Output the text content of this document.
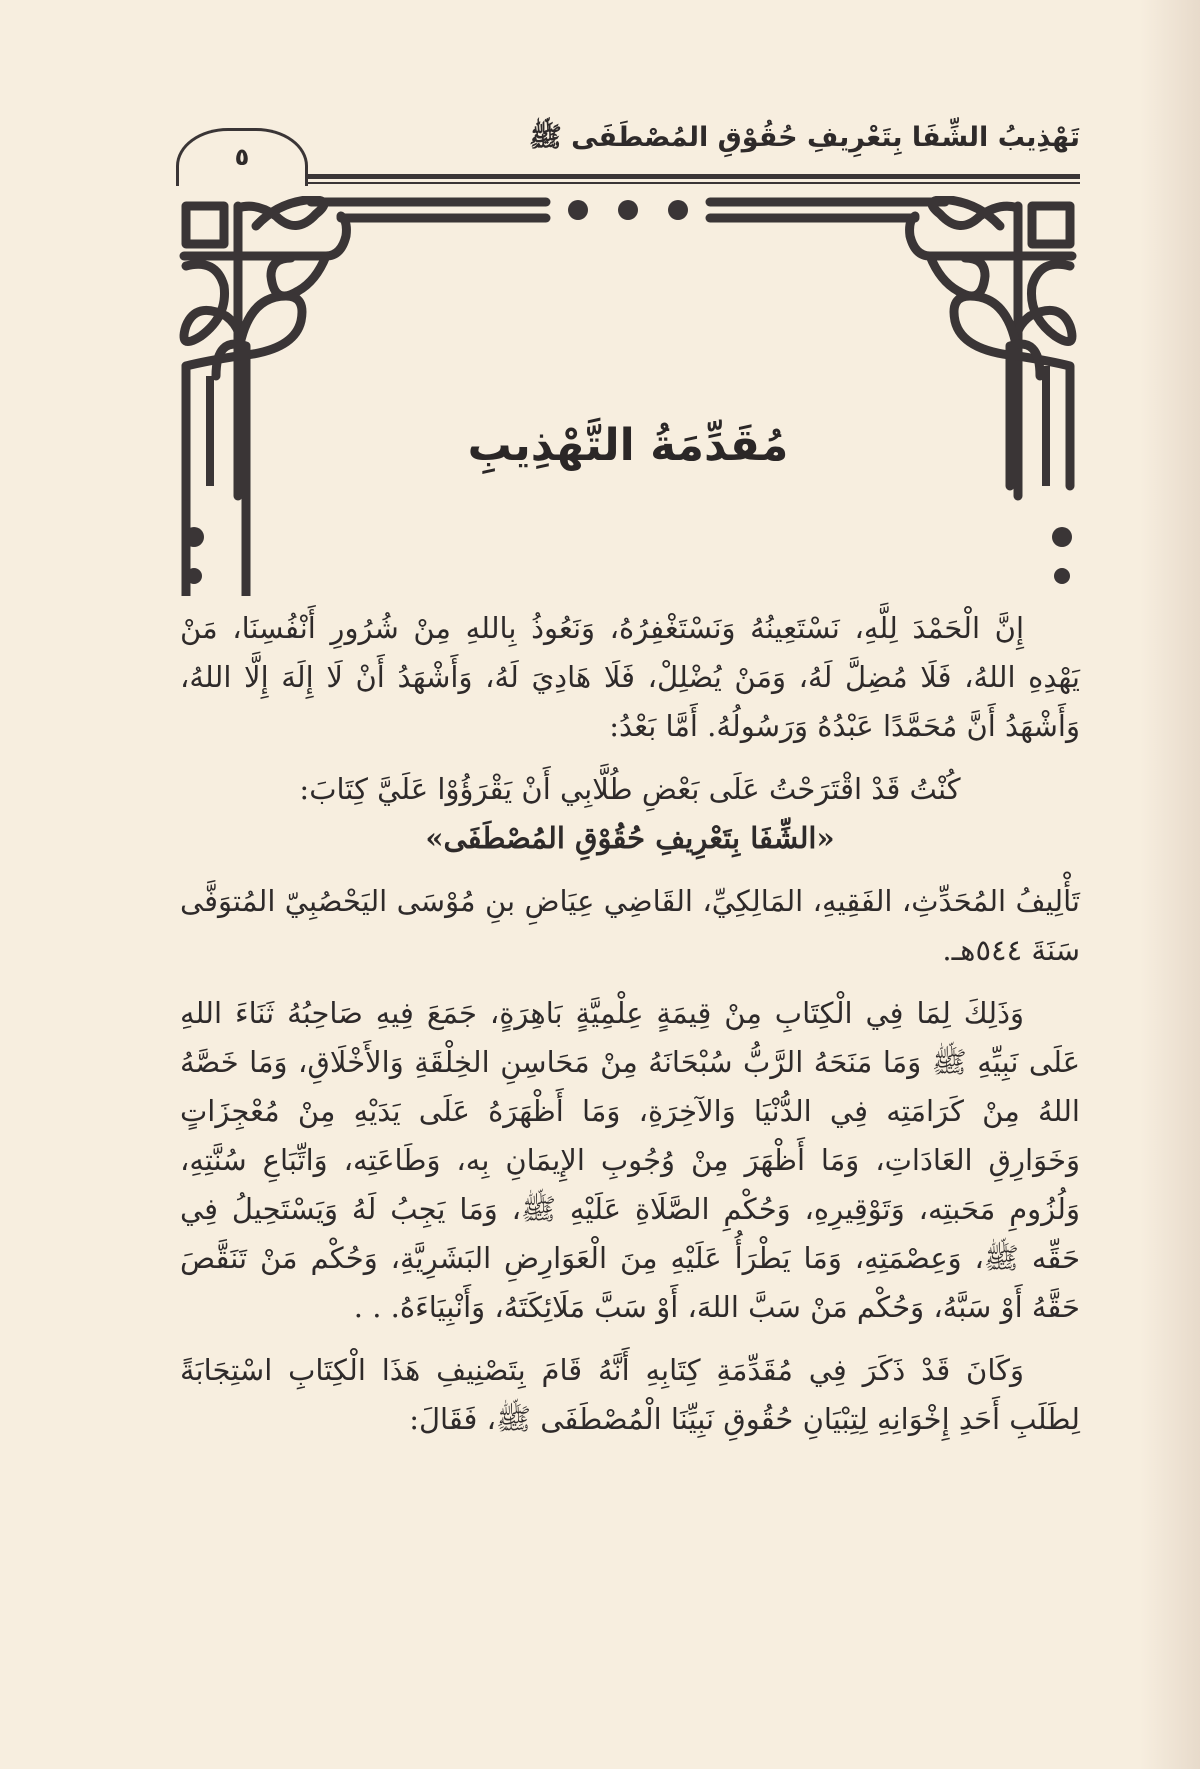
٥
تَهْذِيبُ الشِّفَا بِتَعْرِيفِ حُقُوْقِ المُصْطَفَى ﷺ
مُقَدِّمَةُ التَّهْذِيبِ

إِنَّ الْحَمْدَ لِلَّهِ، نَسْتَعِينُهُ وَنَسْتَغْفِرُهُ، وَنَعُوذُ بِاللهِ مِنْ شُرُورِ أَنْفُسِنَا، مَنْ يَهْدِهِ اللهُ، فَلَا مُضِلَّ لَهُ، وَمَنْ يُضْلِلْ، فَلَا هَادِيَ لَهُ، وَأَشْهَدُ أَنْ لَا إِلَهَ إِلَّا اللهُ، وَأَشْهَدُ أَنَّ مُحَمَّدًا عَبْدُهُ وَرَسُولُهُ. أَمَّا بَعْدُ:

كُنْتُ قَدْ اقْتَرَحْتُ عَلَى بَعْضِ طُلَّابِي أَنْ يَقْرَؤُوْا عَلَيَّ كِتَابَ:

«الشِّفَا بِتَعْرِيفِ حُقُوْقِ المُصْطَفَى»

تَأْلِيفُ المُحَدِّثِ، الفَقِيهِ، المَالِكِيِّ، القَاضِي عِيَاضِ بنِ مُوْسَى اليَحْصُبِيّ المُتوَفَّى سَنَةَ ٥٤٤هـ.

وَذَلِكَ لِمَا فِي الْكِتَابِ مِنْ قِيمَةٍ عِلْمِيَّةٍ بَاهِرَةٍ، جَمَعَ فِيهِ صَاحِبُهُ ثَنَاءَ اللهِ عَلَى نَبِيِّهِ ﷺ وَمَا مَنَحَهُ الرَّبُّ سُبْحَانَهُ مِنْ مَحَاسِنِ الخِلْقَةِ وَالأَخْلَاقِ، وَمَا خَصَّهُ اللهُ مِنْ كَرَامَتِه فِي الدُّنْيَا وَالآخِرَةِ، وَمَا أَظْهَرَهُ عَلَى يَدَيْهِ مِنْ مُعْجِزَاتٍ وَخَوَارِقِ العَادَاتِ، وَمَا أَظْهَرَ مِنْ وُجُوبِ الإِيمَانِ بِه، وَطَاعَتِه، وَاتِّبَاعِ سُنَّتِهِ، وَلُزُومِ مَحَبتِه، وَتَوْقِيرِهِ، وَحُكْمِ الصَّلَاةِ عَلَيْهِ ﷺ، وَمَا يَجِبُ لَهُ وَيَسْتَحِيلُ فِي حَقِّه ﷺ، وَعِصْمَتِهِ، وَمَا يَطْرَأُ عَلَيْهِ مِنَ الْعَوَارِضِ البَشَرِيَّةِ، وَحُكْم مَنْ تَنَقَّصَ حَقَّهُ أَوْ سَبَّهُ، وَحُكْم مَنْ سَبَّ اللهَ، أَوْ سَبَّ مَلَائِكَتَهُ، وَأَنْبِيَاءَهُ. . .

وَكَانَ قَدْ ذَكَرَ فِي مُقَدِّمَةِ كِتَابِهِ أَنَّهُ قَامَ بِتَصْنِيفِ هَذَا الْكِتَابِ اسْتِجَابَةً لِطَلَبِ أَحَدِ إِخْوَانِهِ لِتِبْيَانِ حُقُوقِ نَبِيِّنَا الْمُصْطَفَى ﷺ، فَقَالَ:
